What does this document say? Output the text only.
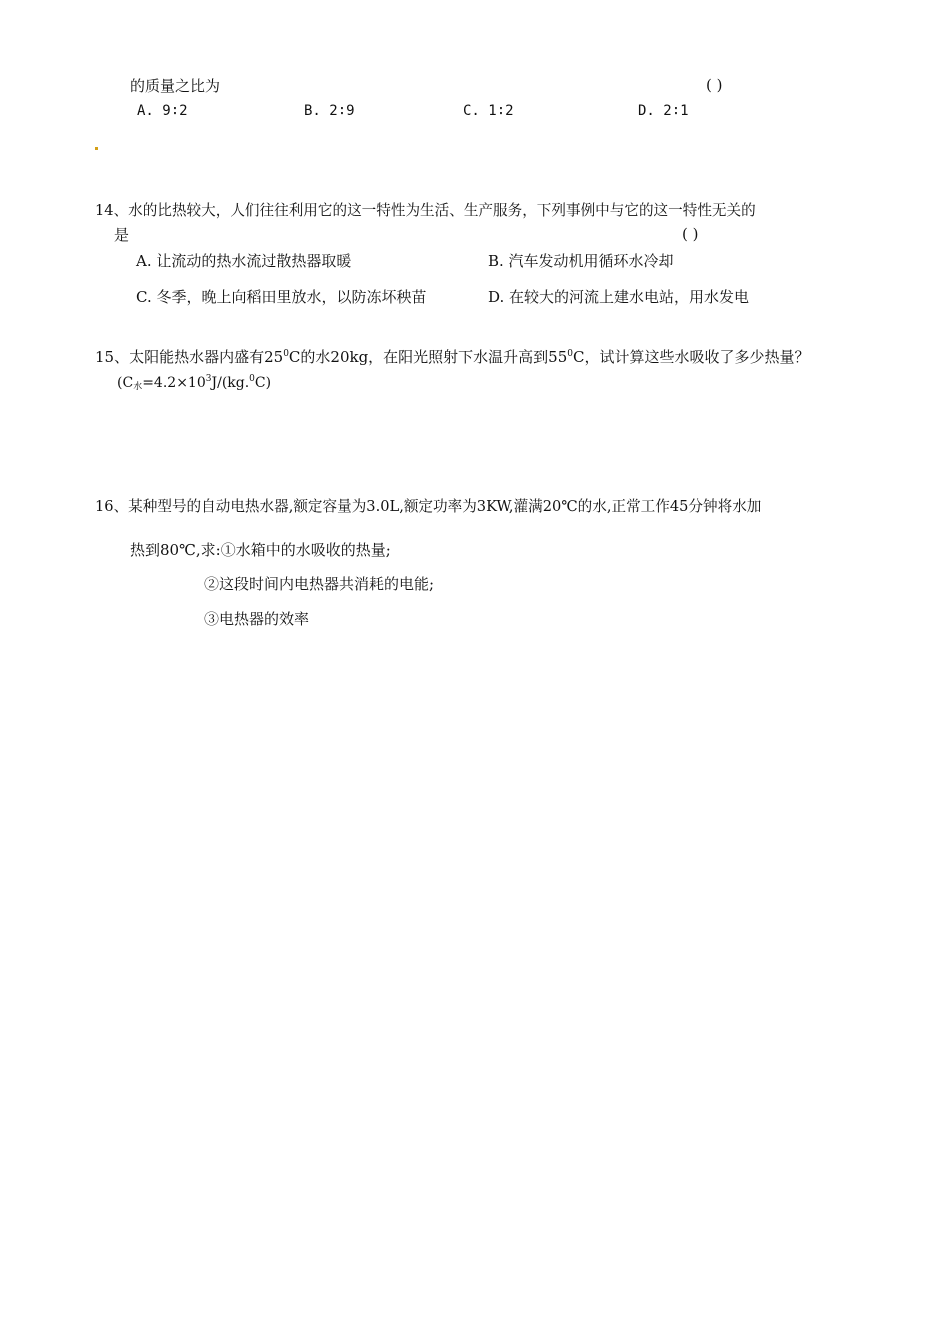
的质量之比为	( )
A. 9∶2	B. 2∶9	C. 1∶2	D. 2∶1
14、水的比热较大，人们往往利用它的这一特性为生活、生产服务，下列事例中与它的这一特性无关的
是	( )
A. 让流动的热水流过散热器取暖	B. 汽车发动机用循环水冷却
C. 冬季，晚上向稻田里放水，以防冻坏秧苗	D. 在较大的河流上建水电站，用水发电
15、太阳能热水器内盛有$25^0C$的水20kg，在阳光照射下水温升高到$55^0C$，试计算这些水吸收了多少热量？
($C_水=4.2\times 10^3J/(kg.^0C)$
16、某种型号的自动电热水器,额定容量为3.0L,额定功率为3KW,灌满20℃的水,正常工作45分钟将水加
热到80℃,求:①水箱中的水吸收的热量;
②这段时间内电热器共消耗的电能;
③电热器的效率
